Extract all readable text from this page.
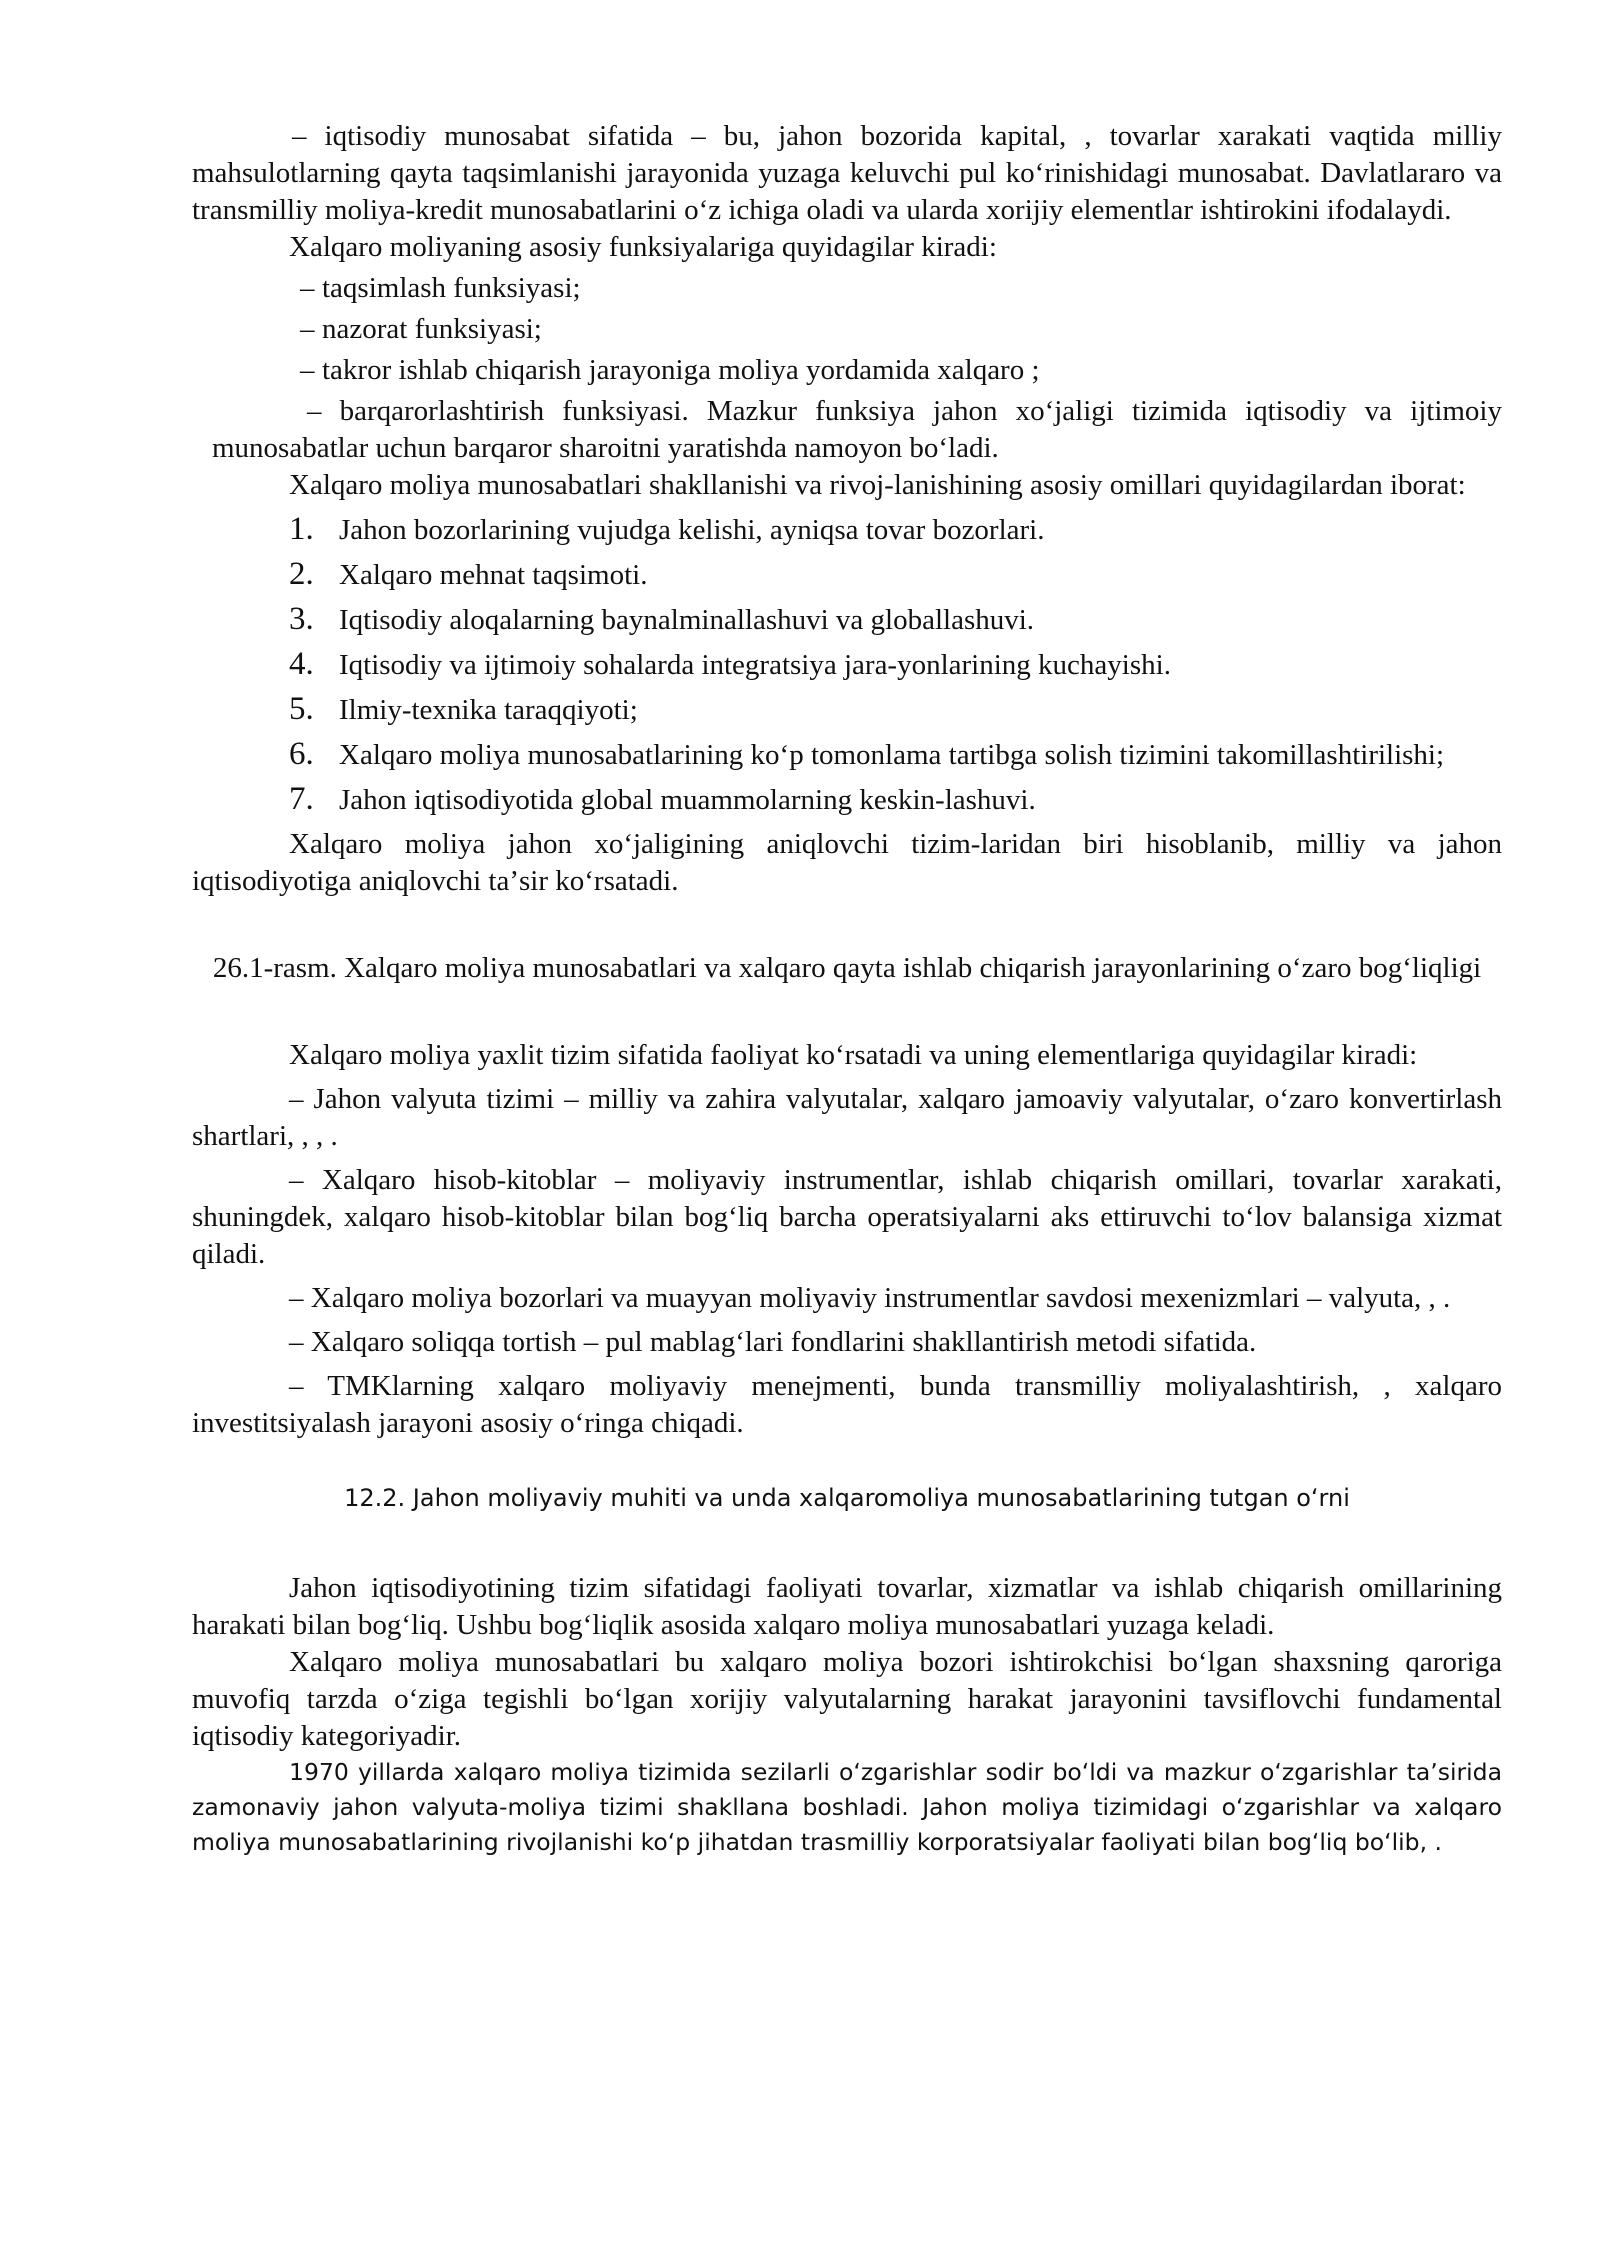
– iqtisodiy munosabat sifatida – bu, jahon bozorida kapital, , tovarlar xarakati vaqtida milliy mahsulotlarning qayta taqsimlanishi jarayonida yuzaga keluvchi pul koʻrinishidagi munosabat. Davlatlararo va transmilliy moliya-kredit munosabatlarini oʻz ichiga oladi va ularda xorijiy elementlar ishtirokini ifodalaydi.

Xalqaro moliyaning asosiy funksiyalariga quyidagilar kiradi:

– taqsimlash funksiyasi;

– nazorat funksiyasi;

– takror ishlab chiqarish jarayoniga moliya yordamida xalqaro ;

– barqarorlashtirish funksiyasi. Mazkur funksiya jahon xoʻjaligi tizimida iqtisodiy va ijtimoiy munosabatlar uchun barqaror sharoitni yaratishda namoyon boʻladi.

Xalqaro moliya munosabatlari shakllanishi va rivoj-lanishining asosiy omillari quyidagilardan iborat:

1. Jahon bozorlarining vujudga kelishi, ayniqsa tovar bozorlari.

2. Xalqaro mehnat taqsimoti.

3. Iqtisodiy aloqalarning baynalminallashuvi va globallashuvi.

4. Iqtisodiy va ijtimoiy sohalarda integratsiya jara-yonlarining kuchayishi.

5. Ilmiy-texnika taraqqiyoti;

6. Xalqaro moliya munosabatlarining koʻp tomonlama tartibga solish tizimini takomillashtirilishi;

7. Jahon iqtisodiyotida global muammolarning keskin-lashuvi.

Xalqaro moliya jahon xoʻjaligining aniqlovchi tizim-laridan biri hisoblanib, milliy va jahon iqtisodiyotiga aniqlovchi taʼsir koʻrsatadi.

26.1-rasm. Xalqaro moliya munosabatlari va xalqaro qayta ishlab chiqarish jarayonlarining oʻzaro bogʻliqligi

Xalqaro moliya yaxlit tizim sifatida faoliyat koʻrsatadi va uning elementlariga quyidagilar kiradi:

– Jahon valyuta tizimi – milliy va zahira valyutalar, xalqaro jamoaviy valyutalar, oʻzaro konvertirlash shartlari, , , .

– Xalqaro hisob-kitoblar – moliyaviy instrumentlar, ishlab chiqarish omillari, tovarlar xarakati, shuningdek, xalqaro hisob-kitoblar bilan bogʻliq barcha operatsiyalarni aks ettiruvchi toʻlov balansiga xizmat qiladi.

– Xalqaro moliya bozorlari va muayyan moliyaviy instrumentlar savdosi mexenizmlari – valyuta, , .

– Xalqaro soliqqa tortish – pul mablagʻlari fondlarini shakllantirish metodi sifatida.

– TMKlarning xalqaro moliyaviy menejmenti, bunda transmilliy moliyalashtirish, , xalqaro investitsiyalash jarayoni asosiy oʻringa chiqadi.

12.2. Jahon moliyaviy muhiti va unda xalqaromoliya munosabatlarining tutgan oʻrni

Jahon iqtisodiyotining tizim sifatidagi faoliyati tovarlar, xizmatlar va ishlab chiqarish omillarining harakati bilan bogʻliq. Ushbu bogʻliqlik asosida xalqaro moliya munosabatlari yuzaga keladi.

Xalqaro moliya munosabatlari bu xalqaro moliya bozori ishtirokchisi boʻlgan shaxsning qaroriga muvofiq tarzda oʻziga tegishli boʻlgan xorijiy valyutalarning harakat jarayonini tavsiflovchi fundamental iqtisodiy kategoriyadir.

1970 yillarda xalqaro moliya tizimida sezilarli oʻzgarishlar sodir boʻldi va mazkur oʻzgarishlar taʼsirida zamonaviy jahon valyuta-moliya tizimi shakllana boshladi. Jahon moliya tizimidagi oʻzgarishlar va xalqaro moliya munosabatlarining rivojlanishi koʻp jihatdan trasmilliy korporatsiyalar faoliyati bilan bogʻliq boʻlib, .
